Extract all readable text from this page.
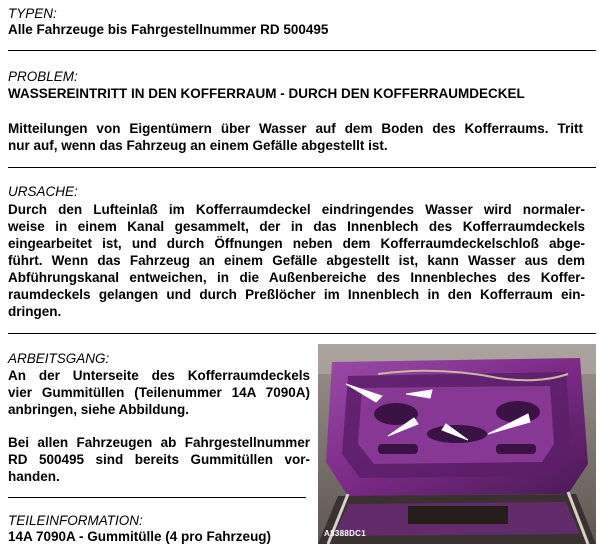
TYPEN:
Alle Fahrzeuge bis Fahrgestellnummer RD 500495
PROBLEM:
WASSEREINTRITT IN DEN KOFFERRAUM - DURCH DEN KOFFERRAUMDECKEL
Mitteilungen von Eigentümern über Wasser auf dem Boden des Kofferraums. Tritt
nur auf, wenn das Fahrzeug an einem Gefälle abgestellt ist.
URSACHE:
Durch den Lufteinlaß im Kofferraumdeckel eindringendes Wasser wird normaler-
weise in einem Kanal gesammelt, der in das Innenblech des Kofferraumdeckels
eingearbeitet ist, und durch Öffnungen neben dem Kofferraumdeckelschloß abge-
führt. Wenn das Fahrzeug an einem Gefälle abgestellt ist, kann Wasser aus dem
Abführungskanal entweichen, in die Außenbereiche des Innenbleches des Koffer-
raumdeckels gelangen und durch Preßlöcher im Innenblech in den Kofferraum ein-
dringen.
ARBEITSGANG:
An der Unterseite des Kofferraumdeckels
vier Gummitüllen (Teilenummer 14A 7090A)
anbringen, siehe Abbildung.
Bei allen Fahrzeugen ab Fahrgestellnummer
RD 500495 sind bereits Gummitüllen vor-
handen.
TEILEINFORMATION:
14A 7090A - Gummitülle (4 pro Fahrzeug)	A8388DC1
